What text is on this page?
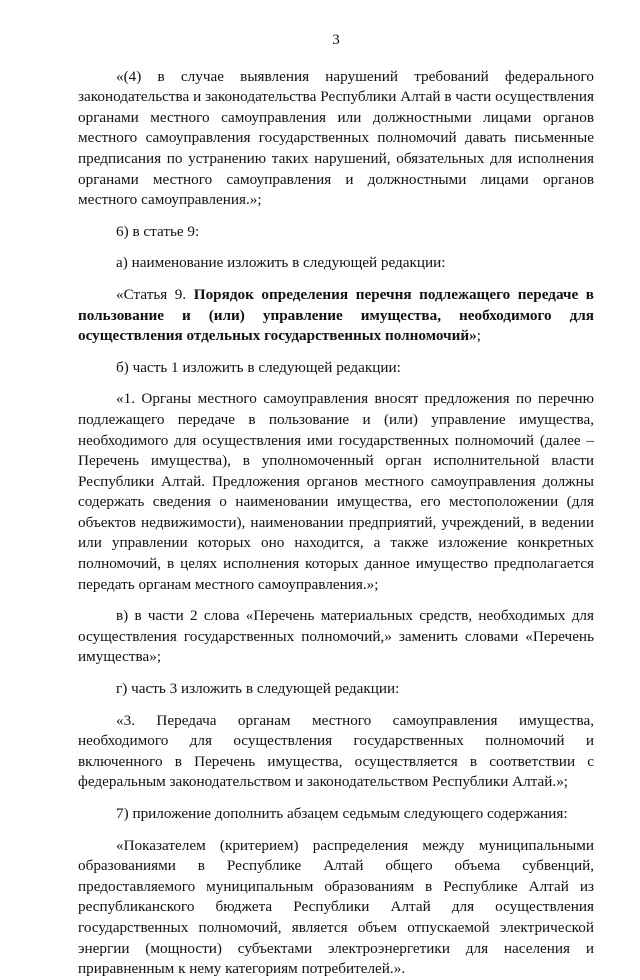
3

«(4) в случае выявления нарушений требований федерального законодательства и законодательства Республики Алтай в части осуществления органами местного самоуправления или должностными лицами органов местного самоуправления государственных полномочий давать письменные предписания по устранению таких нарушений, обязательных для исполнения органами местного самоуправления и должностными лицами органов местного самоуправления.»;

6) в статье 9:

а) наименование изложить в следующей редакции:

«Статья 9. Порядок определения перечня подлежащего передаче в пользование и (или) управление имущества, необходимого для осуществления отдельных государственных полномочий»;

б) часть 1 изложить в следующей редакции:

«1. Органы местного самоуправления вносят предложения по перечню подлежащего передаче в пользование и (или) управление имущества, необходимого для осуществления ими государственных полномочий (далее – Перечень имущества), в уполномоченный орган исполнительной власти Республики Алтай. Предложения органов местного самоуправления должны содержать сведения о наименовании имущества, его местоположении (для объектов недвижимости), наименовании предприятий, учреждений, в ведении или управлении которых оно находится, а также изложение конкретных полномочий, в целях исполнения которых данное имущество предполагается передать органам местного самоуправления.»;

в) в части 2 слова «Перечень материальных средств, необходимых для осуществления государственных полномочий,» заменить словами «Перечень имущества»;

г) часть 3 изложить в следующей редакции:

«3. Передача органам местного самоуправления имущества, необходимого для осуществления государственных полномочий и включенного в Перечень имущества, осуществляется в соответствии с федеральным законодательством и законодательством Республики Алтай.»;

7) приложение дополнить абзацем седьмым следующего содержания:

«Показателем (критерием) распределения между муниципальными образованиями в Республике Алтай общего объема субвенций, предоставляемого муниципальным образованиям в Республике Алтай из республиканского бюджета Республики Алтай для осуществления государственных полномочий, является объем отпускаемой электрической энергии (мощности) субъектами электроэнергетики для населения и приравненным к нему категориям потребителей.».
